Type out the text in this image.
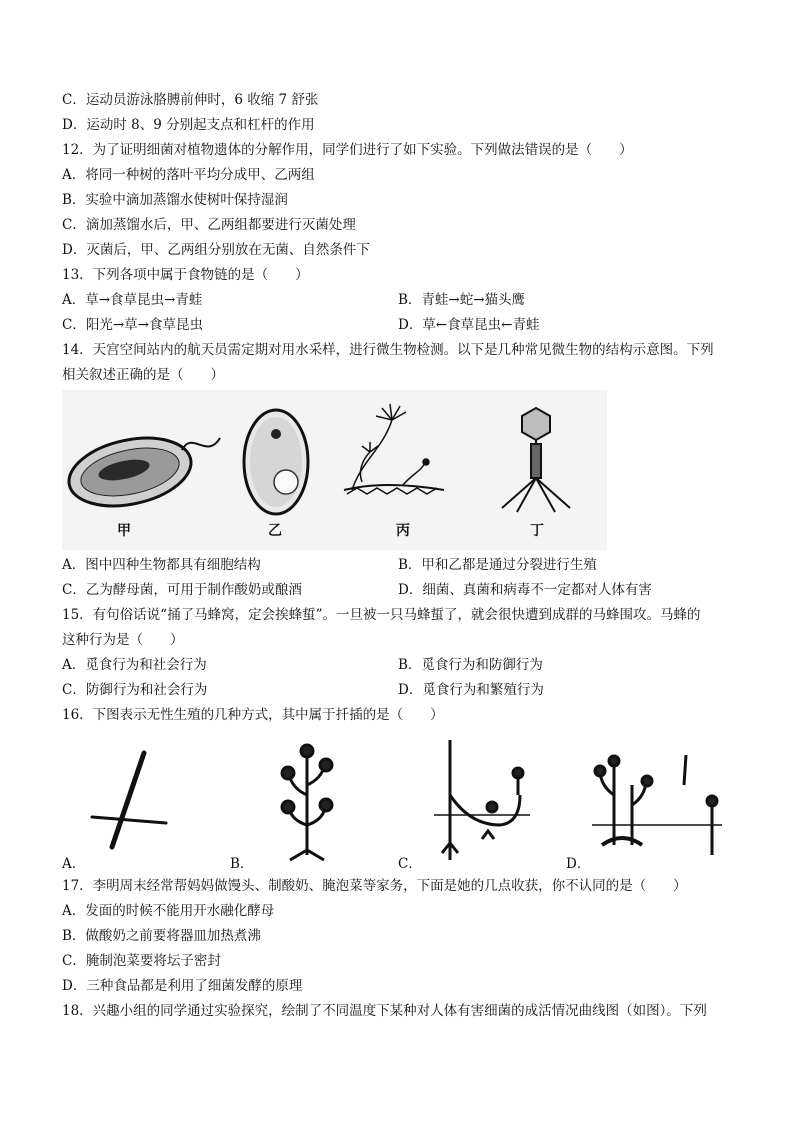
C．运动员游泳胳膊前伸时，6 收缩 7 舒张
D．运动时 8、9 分别起支点和杠杆的作用
12．为了证明细菌对植物遗体的分解作用，同学们进行了如下实验。下列做法错误的是（　　）
A．将同一种树的落叶平均分成甲、乙两组
B．实验中滴加蒸馏水使树叶保持湿润
C．滴加蒸馏水后，甲、乙两组都要进行灭菌处理
D．灭菌后，甲、乙两组分别放在无菌、自然条件下
13．下列各项中属于食物链的是（　　）
A．草→食草昆虫→青蛙	B．青蛙→蛇→猫头鹰
C．阳光→草→食草昆虫	D．草←食草昆虫←青蛙
14．天宫空间站内的航天员需定期对用水采样，进行微生物检测。以下是几种常见微生物的结构示意图。下列
相关叙述正确的是（　　）
甲	乙	丙	丁
A．图中四种生物都具有细胞结构	B．甲和乙都是通过分裂进行生殖
C．乙为酵母菌，可用于制作酸奶或酿酒	D．细菌、真菌和病毒不一定都对人体有害
15．有句俗话说“捅了马蜂窝，定会挨蜂蜇”。一旦被一只马蜂蜇了，就会很快遭到成群的马蜂围攻。马蜂的
这种行为是（　　）
A．觅食行为和社会行为	B．觅食行为和防御行为
C．防御行为和社会行为	D．觅食行为和繁殖行为
16．下图表示无性生殖的几种方式，其中属于扦插的是（　　）
A．	B．	C．	D．
17．李明周末经常帮妈妈做馒头、制酸奶、腌泡菜等家务，下面是她的几点收获，你不认同的是（　　）
A．发面的时候不能用开水融化酵母
B．做酸奶之前要将器皿加热煮沸
C．腌制泡菜要将坛子密封
D．三种食品都是利用了细菌发酵的原理
18．兴趣小组的同学通过实验探究，绘制了不同温度下某种对人体有害细菌的成活情况曲线图（如图）。下列
